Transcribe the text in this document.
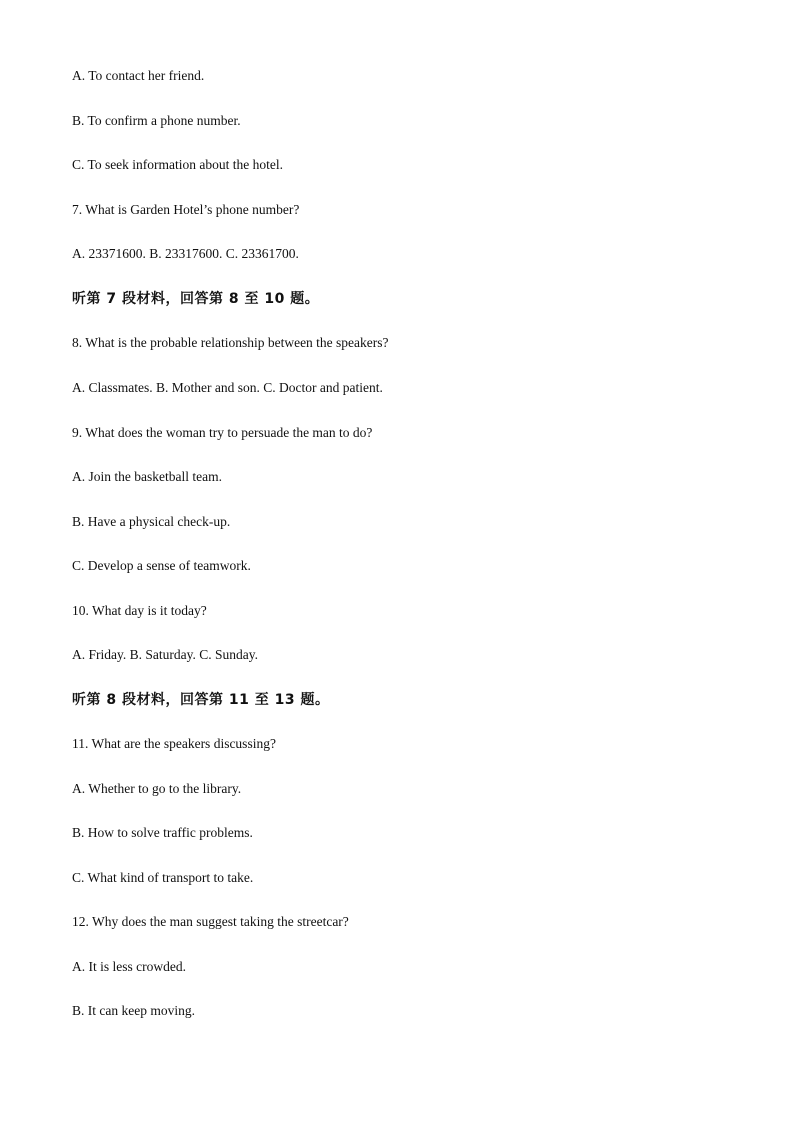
A. To contact her friend.
B. To confirm a phone number.
C. To seek information about the hotel.
7. What is Garden Hotel’s phone number?
A. 23371600. B. 23317600. C. 23361700.
听第 7 段材料，回答第 8 至 10 题。
8. What is the probable relationship between the speakers?
A. Classmates. B. Mother and son. C. Doctor and patient.
9. What does the woman try to persuade the man to do?
A. Join the basketball team.
B. Have a physical check-up.
C. Develop a sense of teamwork.
10. What day is it today?
A. Friday. B. Saturday. C. Sunday.
听第 8 段材料，回答第 11 至 13 题。
11. What are the speakers discussing?
A. Whether to go to the library.
B. How to solve traffic problems.
C. What kind of transport to take.
12. Why does the man suggest taking the streetcar?
A. It is less crowded.
B. It can keep moving.
